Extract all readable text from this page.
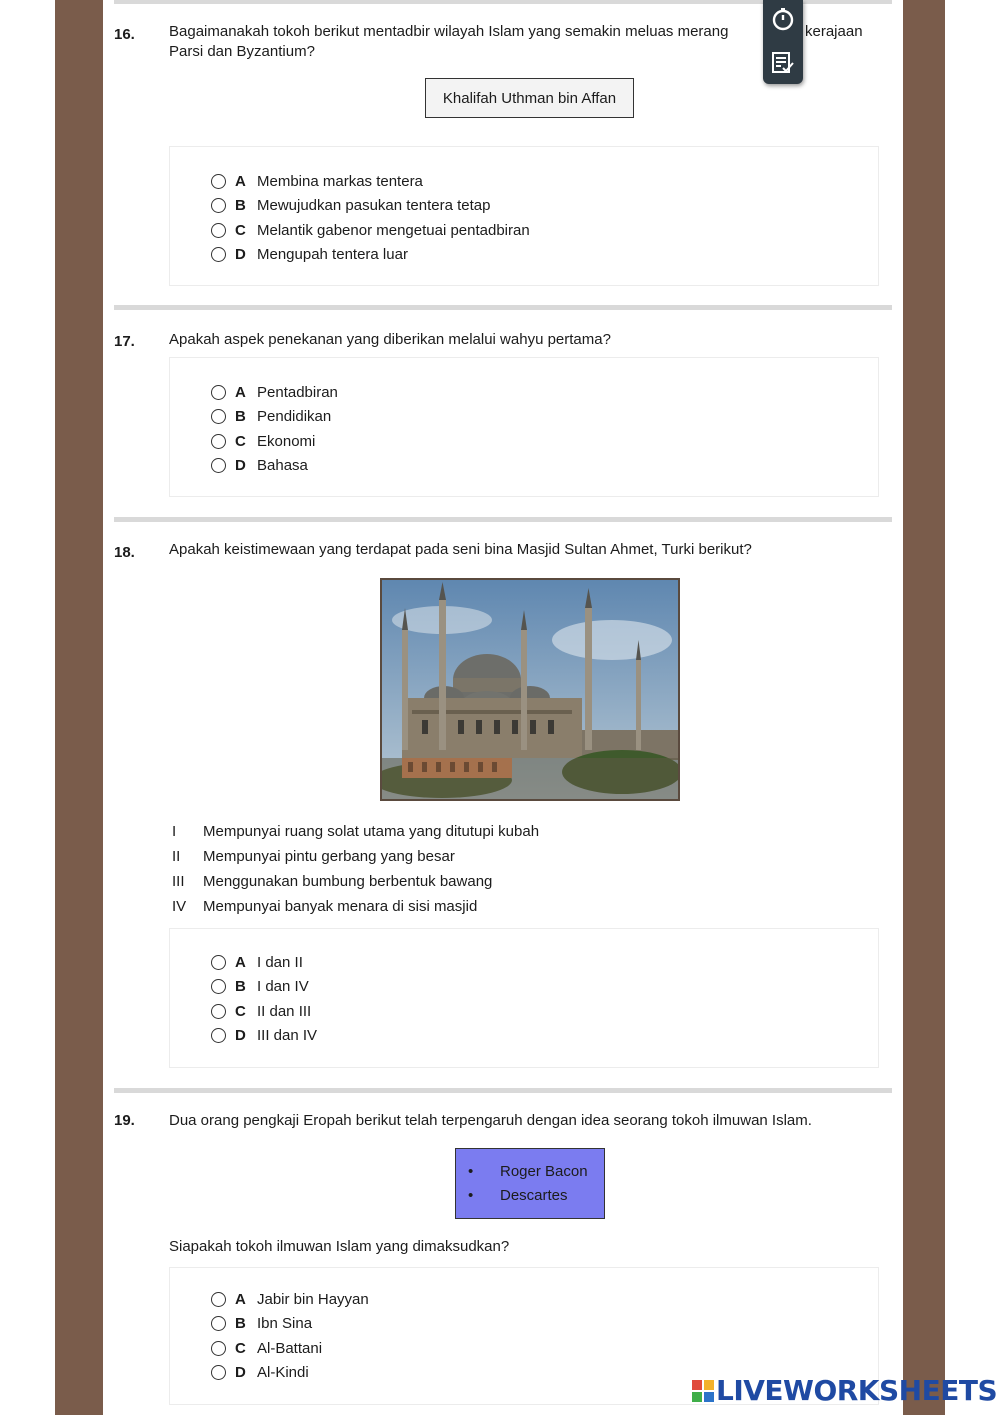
16. Bagaimanakah tokoh berikut mentadbir wilayah Islam yang semakin meluas merang	kerajaan
Parsi dan Byzantium?
Khalifah Uthman bin Affan
A Membina markas tentera
B Mewujudkan pasukan tentera tetap
C Melantik gabenor mengetuai pentadbiran
D Mengupah tentera luar
17. Apakah aspek penekanan yang diberikan melalui wahyu pertama?
A Pentadbiran
B Pendidikan
C Ekonomi
D Bahasa
18. Apakah keistimewaan yang terdapat pada seni bina Masjid Sultan Ahmet, Turki berikut?
I	Mempunyai ruang solat utama yang ditutupi kubah
II	Mempunyai pintu gerbang yang besar
III	Menggunakan bumbung berbentuk bawang
IV	Mempunyai banyak menara di sisi masjid
A I dan II
B I dan IV
C II dan III
D III dan IV
19. Dua orang pengkaji Eropah berikut telah terpengaruh dengan idea seorang tokoh ilmuwan Islam.
•	Roger Bacon
•	Descartes
Siapakah tokoh ilmuwan Islam yang dimaksudkan?
A Jabir bin Hayyan
B Ibn Sina
C Al-Battani
D Al-Kindi
LIVEWORKSHEETS
